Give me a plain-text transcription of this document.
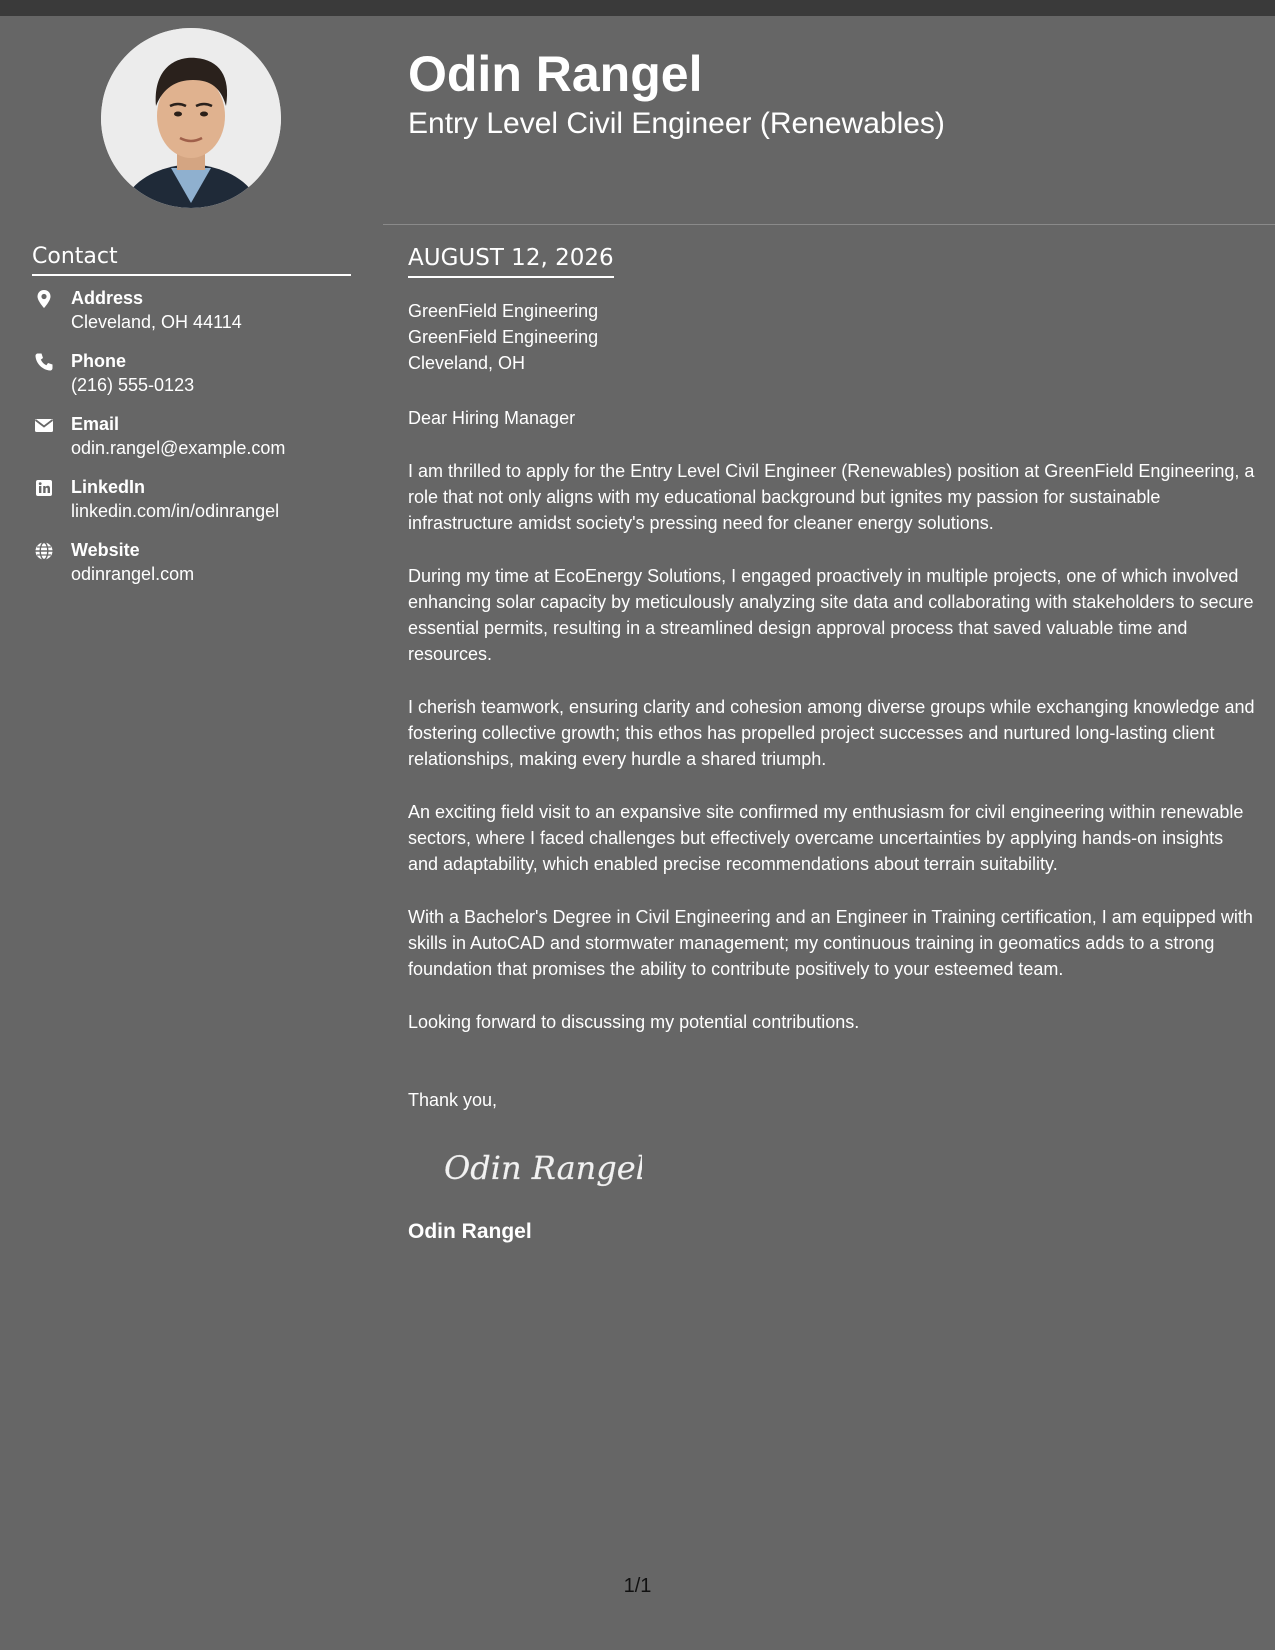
Contact
Address
Cleveland, OH 44114
Phone
(216) 555-0123
Email
odin.rangel@example.com
LinkedIn
linkedin.com/in/odinrangel
Website
odinrangel.com
Odin Rangel
Entry Level Civil Engineer (Renewables)
AUGUST 12, 2026
GreenField Engineering
GreenField Engineering
Cleveland, OH
Dear Hiring Manager
I am thrilled to apply for the Entry Level Civil Engineer (Renewables) position at GreenField Engineering, a role that not only aligns with my educational background but ignites my passion for sustainable infrastructure amidst society's pressing need for cleaner energy solutions.
During my time at EcoEnergy Solutions, I engaged proactively in multiple projects, one of which involved enhancing solar capacity by meticulously analyzing site data and collaborating with stakeholders to secure essential permits, resulting in a streamlined design approval process that saved valuable time and resources.
I cherish teamwork, ensuring clarity and cohesion among diverse groups while exchanging knowledge and fostering collective growth; this ethos has propelled project successes and nurtured long-lasting client relationships, making every hurdle a shared triumph.
An exciting field visit to an expansive site confirmed my enthusiasm for civil engineering within renewable sectors, where I faced challenges but effectively overcame uncertainties by applying hands-on insights and adaptability, which enabled precise recommendations about terrain suitability.
With a Bachelor's Degree in Civil Engineering and an Engineer in Training certification, I am equipped with skills in AutoCAD and stormwater management; my continuous training in geomatics adds to a strong foundation that promises the ability to contribute positively to your esteemed team.
Looking forward to discussing my potential contributions.
Thank you,
Odin Rangel
Odin Rangel
1/1
